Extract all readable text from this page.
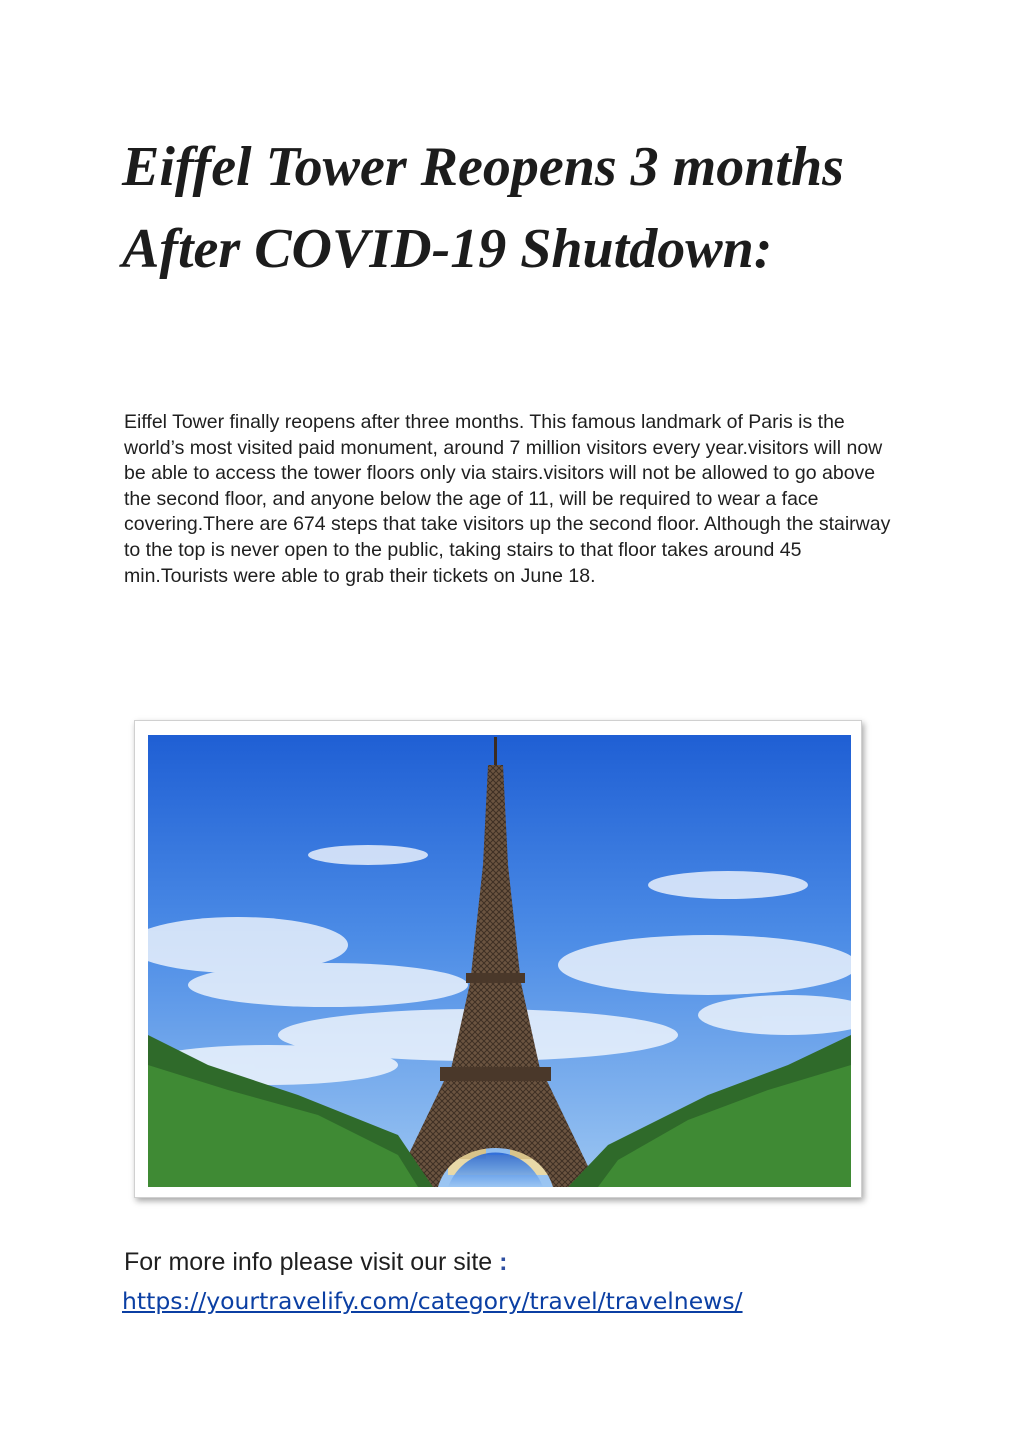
Eiffel Tower Reopens 3 months After COVID-19 Shutdown:

Eiffel Tower finally reopens after three months. This famous landmark of Paris is the world’s most visited paid monument, around 7 million visitors every year.visitors will now be able to access the tower floors only via stairs.visitors will not be allowed to go above the second floor, and anyone below the age of 11, will be required to wear a face covering.There are 674 steps that take visitors up the second floor. Although the stairway to the top is never open to the public, taking stairs to that floor takes around 45 min.Tourists were able to grab their tickets on June 18.

For more info please visit our site :

https://yourtravelify.com/category/travel/travelnews/
